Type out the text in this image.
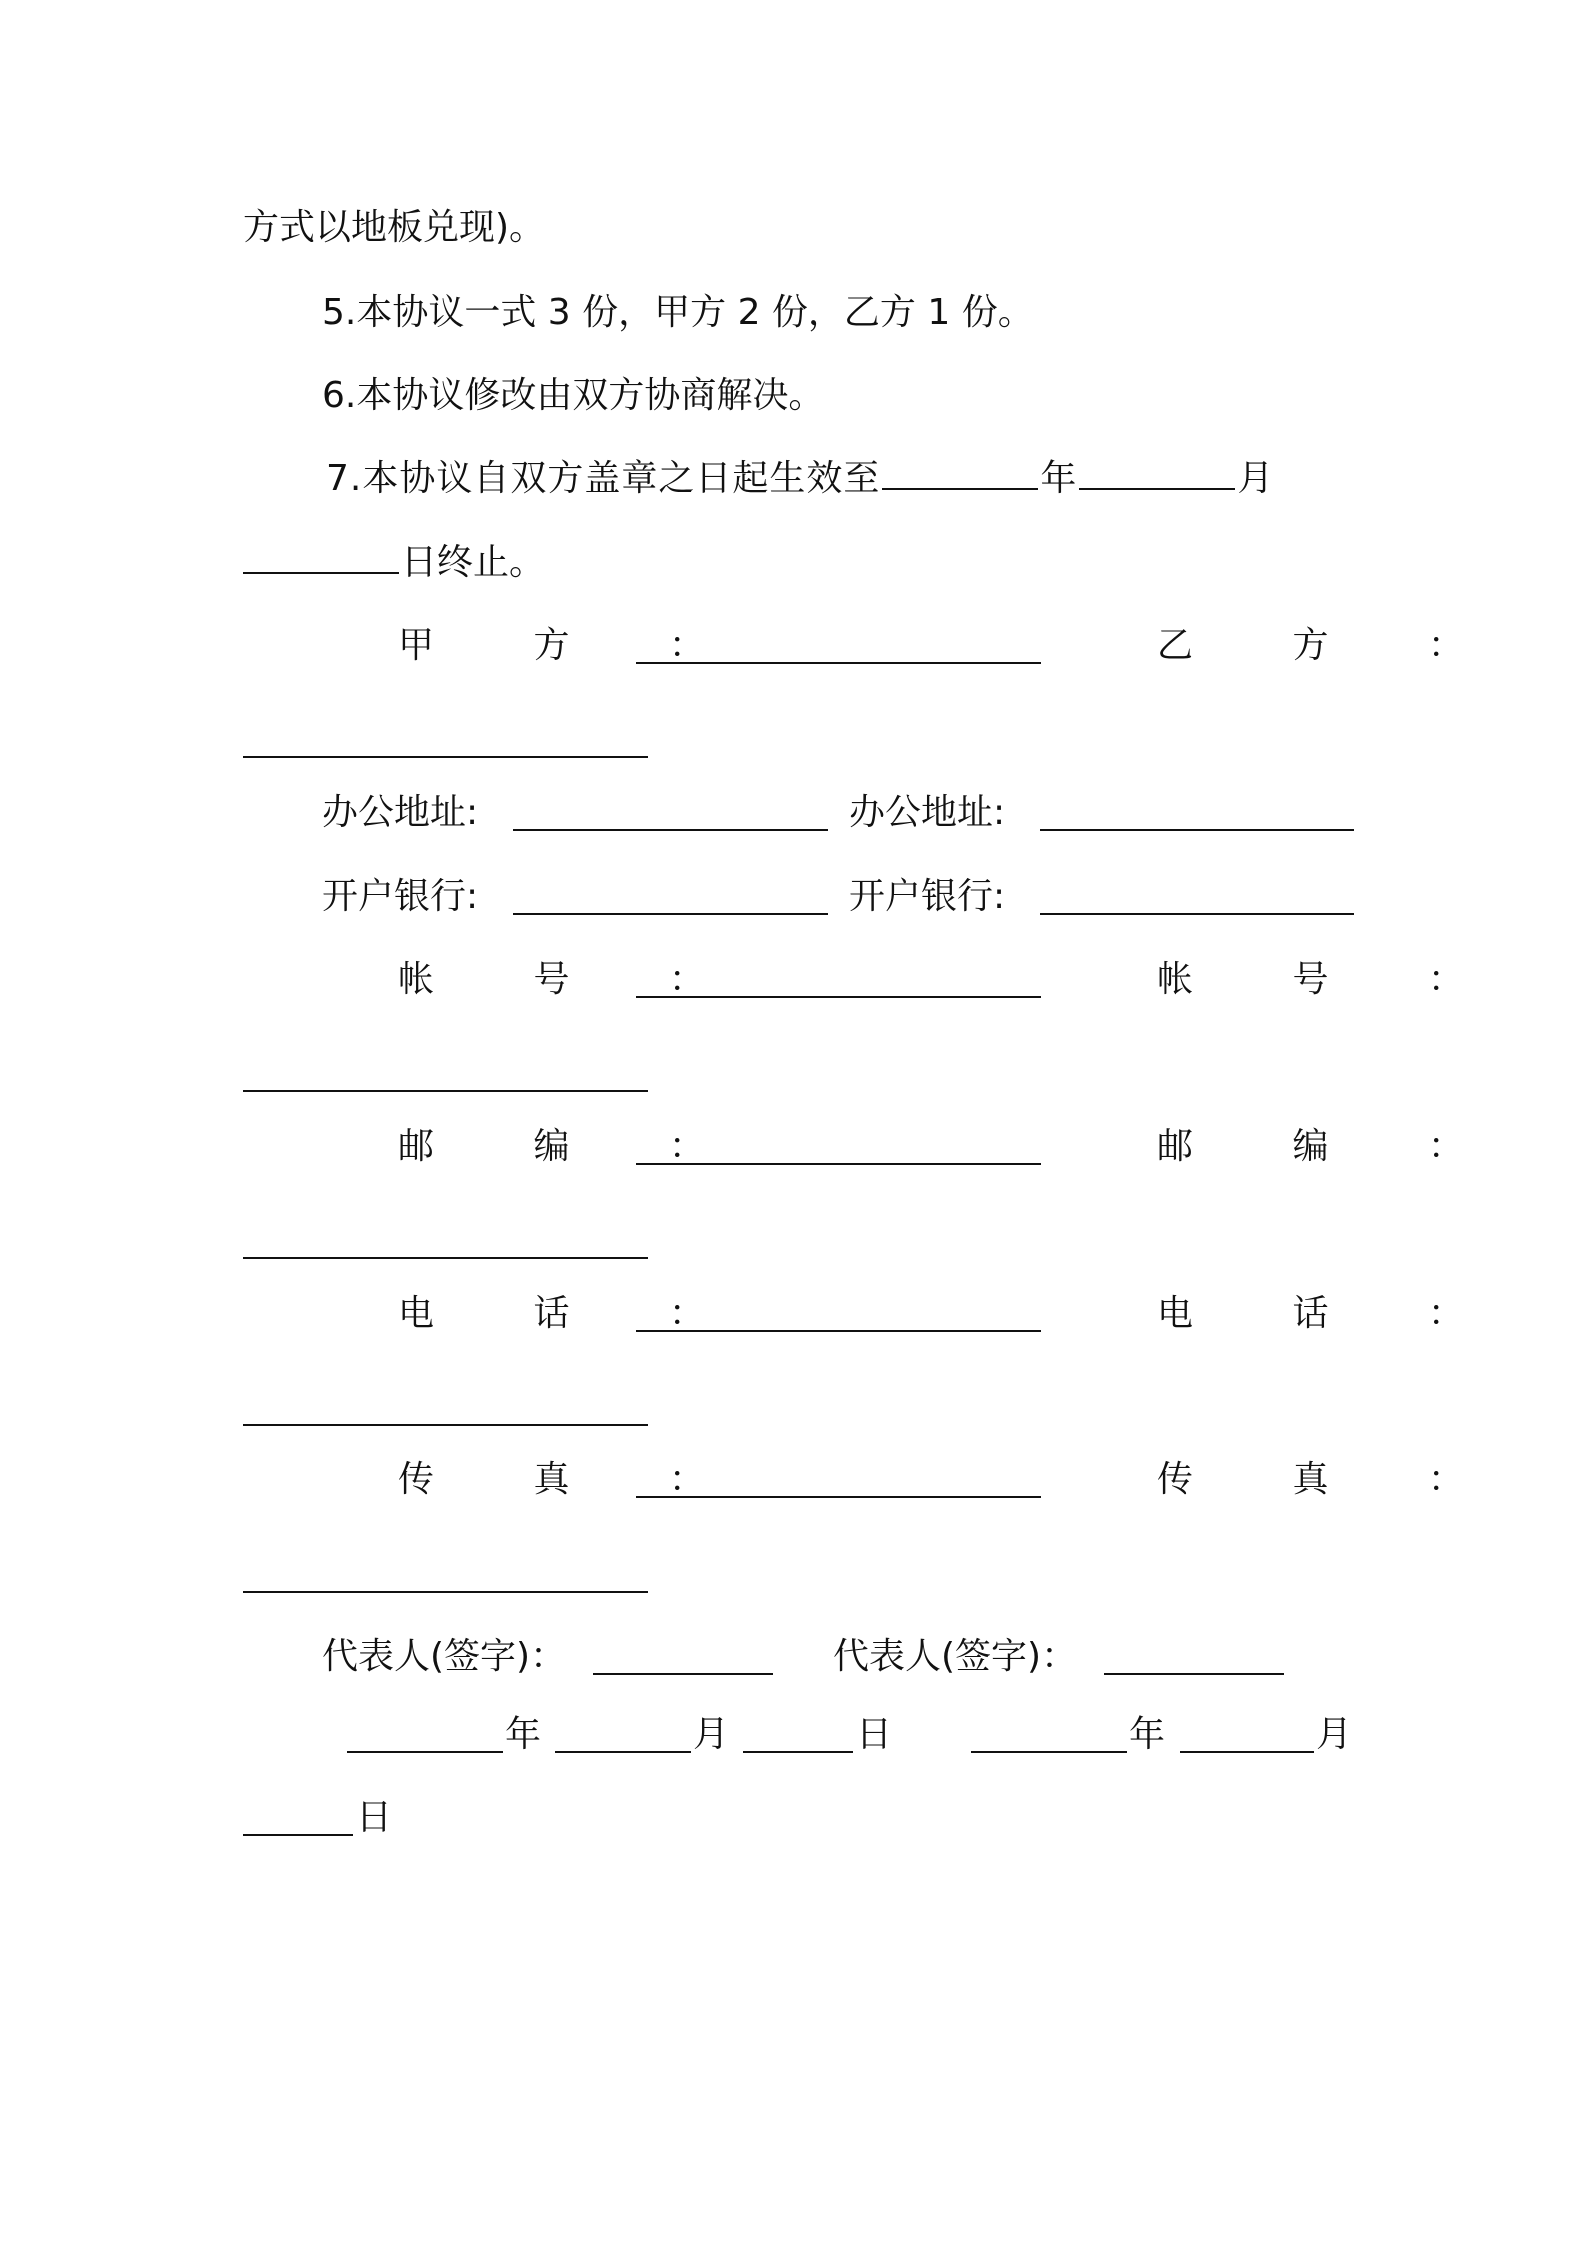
方式以地板兑现)。
5.本协议一式 3 份，甲方 2 份，乙方 1 份。
6.本协议修改由双方协商解决。
7.本协议自双方盖章之日起生效至	年	月
日终止。
甲 方 ：	乙 方 ：
办公地址:	办公地址:
开户银行:	开户银行:
帐 号 ：	帐 号 ：
邮 编 ：	邮 编 ：
电 话 ：	电 话 ：
传 真 ：	传 真 ：
代表人(签字)：	代表人(签字)：
年	月	日	年	月
日
